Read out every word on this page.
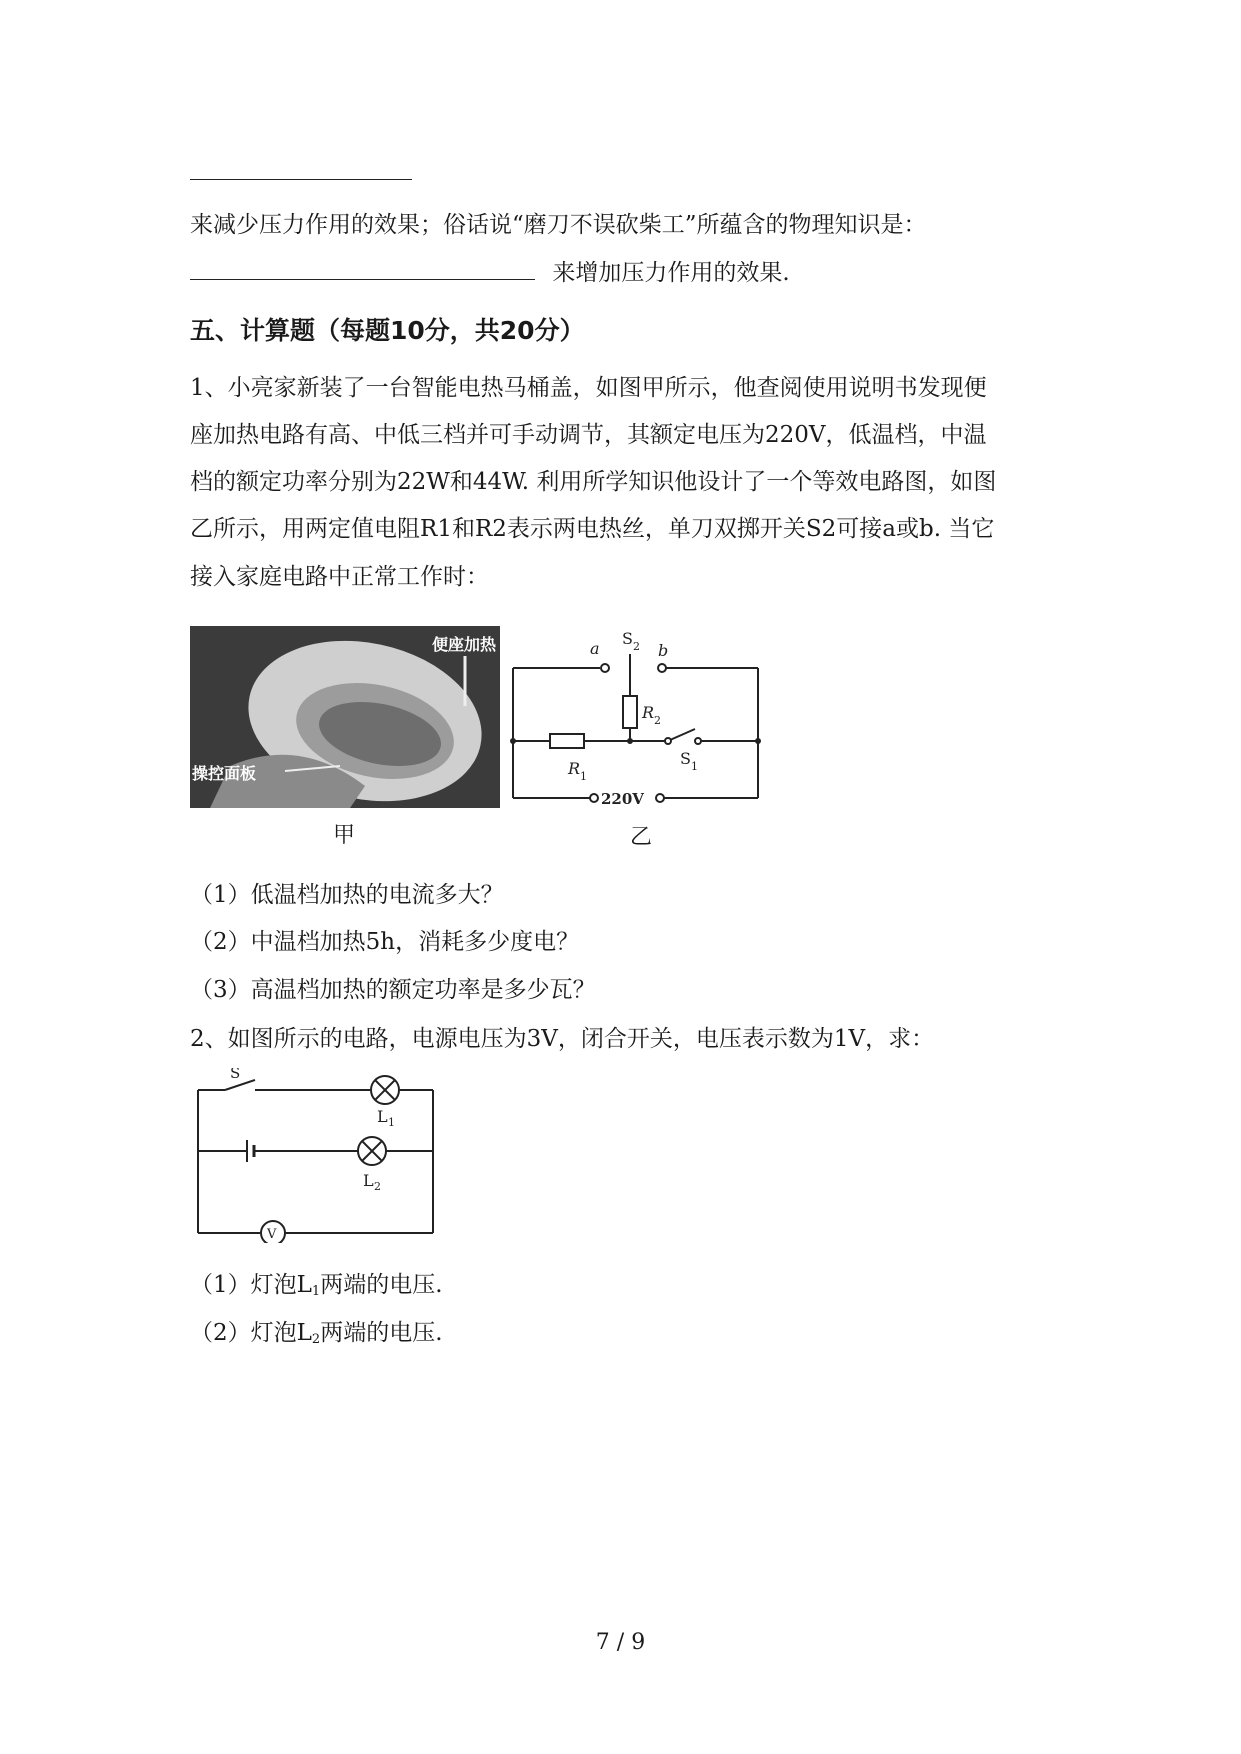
来减少压力作用的效果；俗话说“磨刀不误砍柴工”所蕴含的物理知识是：
来增加压力作用的效果.
五、计算题（每题10分，共20分）
1、小亮家新装了一台智能电热马桶盖，如图甲所示，他查阅使用说明书发现便
座加热电路有高、中低三档并可手动调节，其额定电压为220V，低温档，中温
档的额定功率分别为22W和44W. 利用所学知识他设计了一个等效电路图，如图
乙所示，用两定值电阻R1和R2表示两电热丝，单刀双掷开关S2可接a或b. 当它
接入家庭电路中正常工作时：
便座加热
操控面板
甲
a	b
S 2
R 2
R 1
S 1
220V
乙
（1）低温档加热的电流多大？
（2）中温档加热5h，消耗多少度电？
（3）高温档加热的额定功率是多少瓦？
2、如图所示的电路，电源电压为3V，闭合开关，电压表示数为1V，求：
S
L 1
L 2
V
（1）灯泡$L_1$两端的电压.
（2）灯泡$L_2$两端的电压.
7 / 9
